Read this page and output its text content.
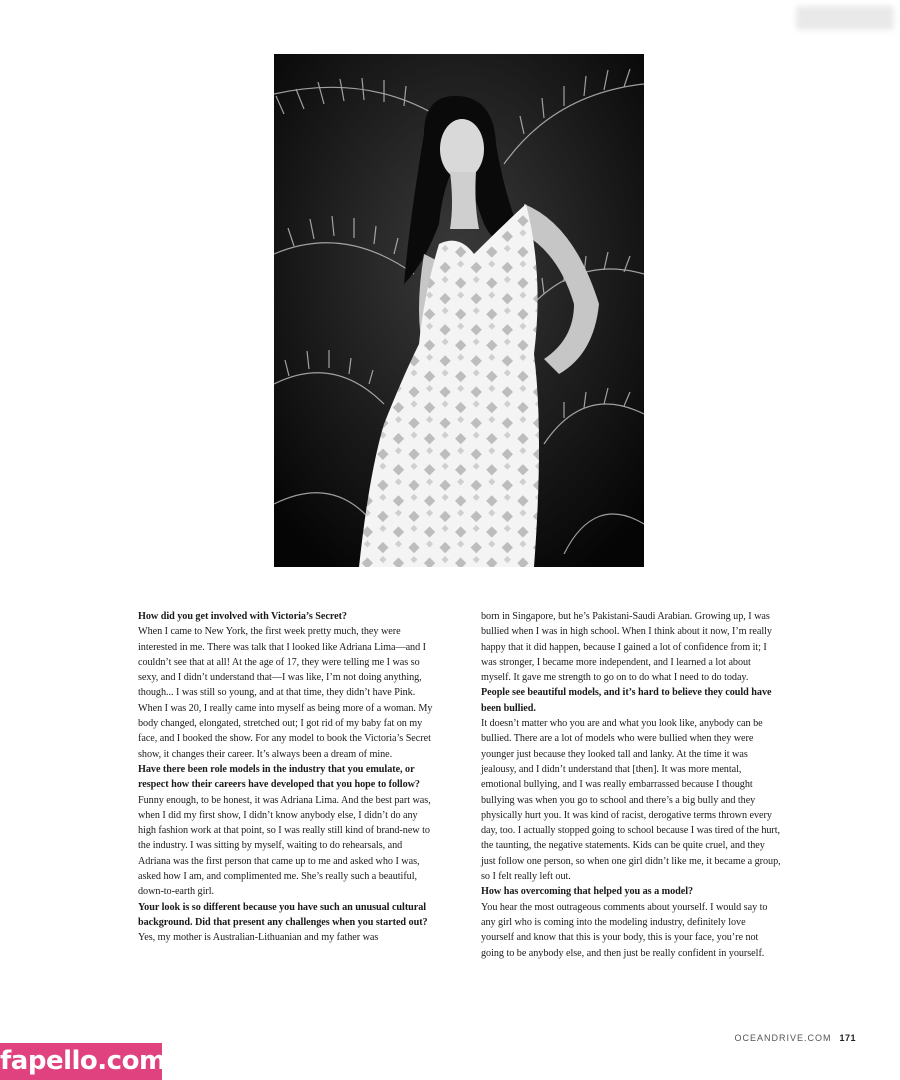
How did you get involved with Victoria’s Secret?

When I came to New York, the first week pretty much, they were interested in me. There was talk that I looked like Adriana Lima—and I couldn’t see that at all! At the age of 17, they were telling me I was so sexy, and I didn’t understand that—I was like, I’m not doing anything, though... I was still so young, and at that time, they didn’t have Pink. When I was 20, I really came into myself as being more of a woman. My body changed, elongated, stretched out; I got rid of my baby fat on my face, and I booked the show. For any model to book the Victoria’s Secret show, it changes their career. It’s always been a dream of mine.

Have there been role models in the industry that you emulate, or respect how their careers have developed that you hope to follow?

Funny enough, to be honest, it was Adriana Lima. And the best part was, when I did my first show, I didn’t know anybody else, I didn’t do any high fashion work at that point, so I was really still kind of brand-new to the industry. I was sitting by myself, waiting to do rehearsals, and Adriana was the first person that came up to me and asked who I was, asked how I am, and complimented me. She’s really such a beautiful, down-to-earth girl.

Your look is so different because you have such an unusual cultural background. Did that present any challenges when you started out?

Yes, my mother is Australian-Lithuanian and my father was

born in Singapore, but he’s Pakistani-Saudi Arabian. Growing up, I was bullied when I was in high school. When I think about it now, I’m really happy that it did happen, because I gained a lot of confidence from it; I was stronger, I became more independent, and I learned a lot about myself. It gave me strength to go on to do what I need to do today.

People see beautiful models, and it’s hard to believe they could have been bullied.

It doesn’t matter who you are and what you look like, anybody can be bullied. There are a lot of models who were bullied when they were younger just because they looked tall and lanky. At the time it was jealousy, and I didn’t understand that [then]. It was more mental, emotional bullying, and I was really embarrassed because I thought bullying was when you go to school and there’s a big bully and they physically hurt you. It was kind of racist, derogative terms thrown every day, too. I actually stopped going to school because I was tired of the hurt, the taunting, the negative statements. Kids can be quite cruel, and they just follow one person, so when one girl didn’t like me, it became a group, so I felt really left out.

How has overcoming that helped you as a model?

You hear the most outrageous comments about yourself. I would say to any girl who is coming into the modeling industry, definitely love yourself and know that this is your body, this is your face, you’re not going to be anybody else, and then just be really confident in yourself.

OCEANDRIVE.COM 171
fapello.com
